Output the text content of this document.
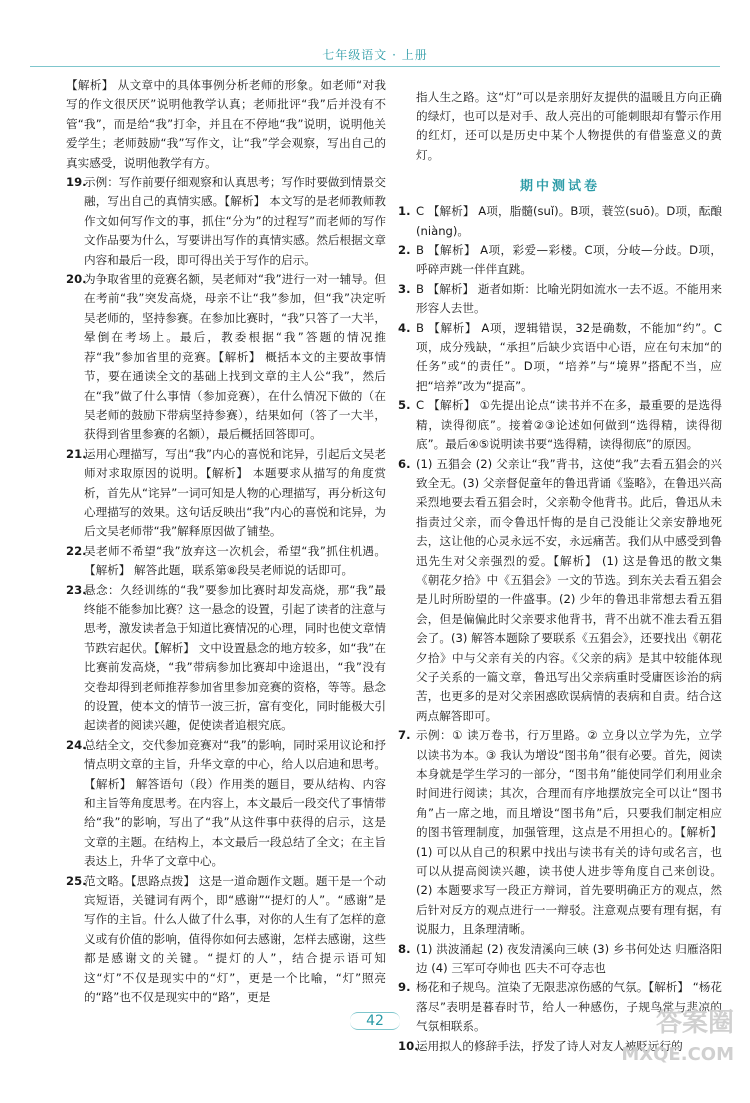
七年级语文 · 上册

【解析】 从文章中的具体事例分析老师的形象。如老师“对我写的作文很厌厌”说明他教学认真；老师批评“我”后并没有不管“我”，而是给“我”打伞，并且在不停地“我”说明，说明他关爱学生；老师鼓励“我”写作文，让“我”学会观察，写出自己的真实感受，说明他教学有方。

19.
示例：写作前要仔细观察和认真思考；写作时要做到情景交融，写出自己的真情实感。【解析】 本文写的是老师教师教作文如何写作文的事，抓住“分为”的过程写”而老师的写作文作品要为什么，写要讲出写作的真情实感。然后根据文章内容和最后一段，即可得出关于写作的启示。
20.
为争取省里的竞赛名额，吴老师对“我”进行一对一辅导。但在考前“我”突发高烧，母亲不让“我”参加，但“我”决定听吴老师的，坚持参赛。在参加比赛时，“我”只答了一大半，晕倒在考场上。最后，教委根据“我”答题的情况推荐“我”参加省里的竞赛。【解析】 概括本文的主要故事情节，要在通读全文的基础上找到文章的主人公“我”，然后在“我”做了什么事情（参加竞赛），在什么情况下做的（在吴老师的鼓励下带病坚持参赛），结果如何（答了一大半，获得到省里参赛的名额），最后概括回答即可。
21.
运用心理描写，写出“我”内心的喜悦和诧异，引起后文吴老师对求取原因的说明。【解析】 本题要求从描写的角度赏析，首先从“诧异”一词可知是人物的心理描写，再分析这句心理描写的效果。这句话反映出“我”内心的喜悦和诧异，为后文吴老师带“我”解释原因做了铺垫。
22.
吴老师不希望“我”放弃这一次机会，希望“我”抓住机遇。【解析】 解答此题，联系第⑧段吴老师说的话即可。
23.
悬念：久经训练的“我”要参加比赛时却发高烧，那“我”最终能不能参加比赛？这一悬念的设置，引起了读者的注意与思考，激发读者急于知道比赛情况的心理，同时也使文章情节跌宕起伏。【解析】 文中设置悬念的地方较多，如“我”在比赛前发高烧，“我”带病参加比赛却中途退出，“我”没有交卷却得到老师推荐参加省里参加竞赛的资格，等等。悬念的设置，使本文的情节一波三折，富有变化，同时能极大引起读者的阅读兴趣，促使读者追根究底。
24.
总结全文，交代参加竞赛对“我”的影响，同时采用议论和抒情点明文章的主旨，升华文章的中心，给人以启迪和思考。【解析】 解答语句（段）作用类的题目，要从结构、内容和主旨等角度思考。在内容上，本文最后一段交代了事情带给“我”的影响，写出了“我”从这件事中获得的启示，这是文章的主题。在结构上，本文最后一段总结了全文；在主旨表达上，升华了文章中心。
25.
范文略。【思路点拨】 这是一道命题作文题。题干是一个动宾短语，关键词有两个，即“感谢”“提灯的人”。“感谢”是写作的主旨。什么人做了什么事，对你的人生有了怎样的意义或有价值的影响，值得你如何去感谢，怎样去感谢，这些都是感谢文的关键。“提灯的人”，结合提示语可知这“灯”不仅是现实中的“灯”，更是一个比喻，“灯”照亮的“路”也不仅是现实中的“路”，更是

指人生之路。这“灯”可以是亲朋好友提供的温暖且方向正确的绿灯，也可以是对手、敌人亮出的可能刺眼却有警示作用的红灯，还可以是历史中某个人物提供的有借鉴意义的黄灯。

期中测试卷
1. C 【解析】 A项，脂髓(suǐ)。B项，蓑笠(suō)。D项，酝酿(niàng)。
2. B 【解析】 A项，彩爱—彩楼。C项，分岐—分歧。D项，呼碎声跳一伴伴直跳。
3. B 【解析】 逝者如斯：比喻光阴如流水一去不返。不能用来形容人去世。
4. B 【解析】 A项，逻辑错误，32是确数，不能加“约”。C项，成分残缺，“承担”后缺少宾语中心语，应在句末加“的任务”或“的责任”。D项，“培养”与“境界”搭配不当，应把“培养”改为“提高”。
5. C 【解析】 ①先提出论点“读书并不在多，最重要的是选得精，读得彻底”。接着②③论述如何做到“选得精，读得彻底”。最后④⑤说明读书要“选得精，读得彻底”的原因。
6. (1) 五猖会 (2) 父亲让“我”背书，这使“我”去看五猖会的兴致全无。(3) 父亲督促童年的鲁迅背诵《鉴略》，在鲁迅兴高采烈地要去看五猖会时，父亲勒令他背书。此后，鲁迅从未指责过父亲，而令鲁迅忏悔的是自己没能让父亲安静地死去，这让他的心灵永远不安，永远痛苦。我们从中感受到鲁迅先生对父亲强烈的爱。【解析】 (1) 这是鲁迅的散文集《朝花夕拾》中《五猖会》一文的节选。到东关去看五猖会是儿时所盼望的一件盛事。(2) 少年的鲁迅非常想去看五猖会，但是偏偏此时父亲要求他背书，背不出就不准去看五猖会了。(3) 解答本题除了要联系《五猖会》，还要找出《朝花夕拾》中与父亲有关的内容。《父亲的病》是其中较能体现父子关系的一篇文章，鲁迅写出父亲病重时受庸医诊治的病苦，也更多的是对父亲困惑欧误病情的表病和自责。结合这两点解答即可。
7. 示例：① 读万卷书，行万里路。② 立身以立学为先，立学以读书为本。③ 我认为增设“图书角”很有必要。首先，阅读本身就是学生学习的一部分，“图书角”能使同学们利用业余时间进行阅读；其次，合理而有序地摆放完全可以让“图书角”占一席之地，而且增设“图书角”后，只要我们制定相应的图书管理制度，加强管理，这点是不用担心的。【解析】 (1) 可以从自己的积累中找出与读书有关的诗句或名言，也可以从提高阅读兴趣，读书使人进步等角度自己来创设。(2) 本题要求写一段正方辩词，首先要明确正方的观点，然后针对反方的观点进行一一辩驳。注意观点要有理有据，有说服力，且条理清晰。
8. (1) 洪波涌起 (2) 夜发清溪向三峡 (3) 乡书何处达 归雁洛阳边 (4) 三军可夺帅也 匹夫不可夺志也
9. 杨花和子规鸟。渲染了无限悲凉伤感的气氛。【解析】 “杨花落尽”表明是暮春时节，给人一种感伤，子规鸟常与悲凉的气氛相联系。
10.
运用拟人的修辞手法，抒发了诗人对友人被贬远行的
42	答案圈
MXQE.COM
